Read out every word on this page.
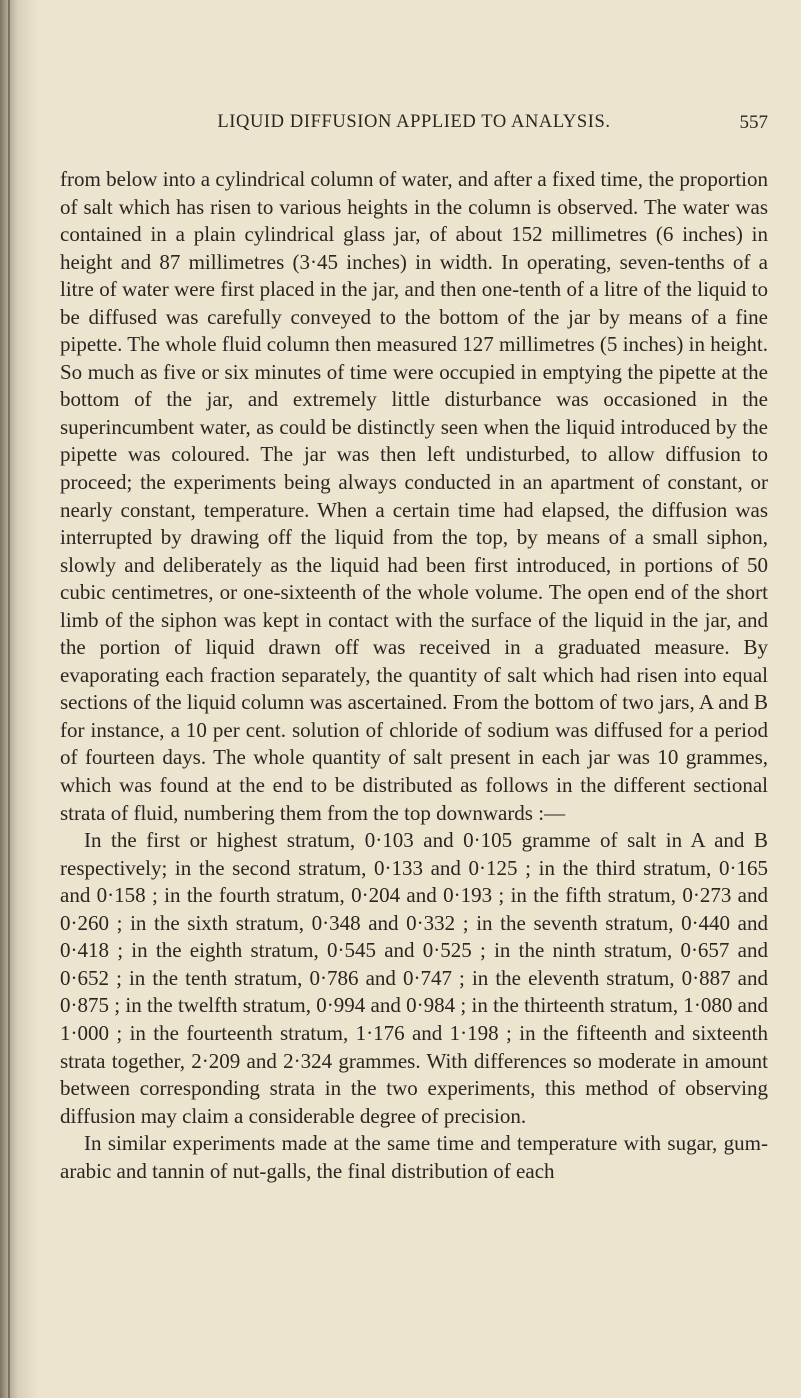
LIQUID DIFFUSION APPLIED TO ANALYSIS.	557

from below into a cylindrical column of water, and after a fixed time, the proportion of salt which has risen to various heights in the column is observed. The water was contained in a plain cylindrical glass jar, of about 152 millimetres (6 inches) in height and 87 millimetres (3·45 inches) in width. In operating, seven-tenths of a litre of water were first placed in the jar, and then one-tenth of a litre of the liquid to be diffused was carefully conveyed to the bottom of the jar by means of a fine pipette. The whole fluid column then measured 127 millimetres (5 inches) in height. So much as five or six minutes of time were occupied in emptying the pipette at the bottom of the jar, and extremely little disturbance was occasioned in the superincumbent water, as could be distinctly seen when the liquid introduced by the pipette was coloured. The jar was then left undisturbed, to allow diffusion to proceed; the experiments being always conducted in an apartment of constant, or nearly constant, temperature. When a certain time had elapsed, the diffusion was interrupted by drawing off the liquid from the top, by means of a small siphon, slowly and deliberately as the liquid had been first introduced, in portions of 50 cubic centimetres, or one-sixteenth of the whole volume. The open end of the short limb of the siphon was kept in contact with the surface of the liquid in the jar, and the portion of liquid drawn off was received in a graduated measure. By evaporating each fraction separately, the quantity of salt which had risen into equal sections of the liquid column was ascertained. From the bottom of two jars, A and B for instance, a 10 per cent. solution of chloride of sodium was diffused for a period of fourteen days. The whole quantity of salt present in each jar was 10 grammes, which was found at the end to be distributed as follows in the different sectional strata of fluid, numbering them from the top downwards :—

In the first or highest stratum, 0·103 and 0·105 gramme of salt in A and B respectively; in the second stratum, 0·133 and 0·125 ; in the third stratum, 0·165 and 0·158 ; in the fourth stratum, 0·204 and 0·193 ; in the fifth stratum, 0·273 and 0·260 ; in the sixth stratum, 0·348 and 0·332 ; in the seventh stratum, 0·440 and 0·418 ; in the eighth stratum, 0·545 and 0·525 ; in the ninth stratum, 0·657 and 0·652 ; in the tenth stratum, 0·786 and 0·747 ; in the eleventh stratum, 0·887 and 0·875 ; in the twelfth stratum, 0·994 and 0·984 ; in the thirteenth stratum, 1·080 and 1·000 ; in the fourteenth stratum, 1·176 and 1·198 ; in the fifteenth and sixteenth strata together, 2·209 and 2·324 grammes. With differences so moderate in amount between corresponding strata in the two experiments, this method of observing diffusion may claim a considerable degree of precision.

In similar experiments made at the same time and temperature with sugar, gum-arabic and tannin of nut-galls, the final distribution of each
